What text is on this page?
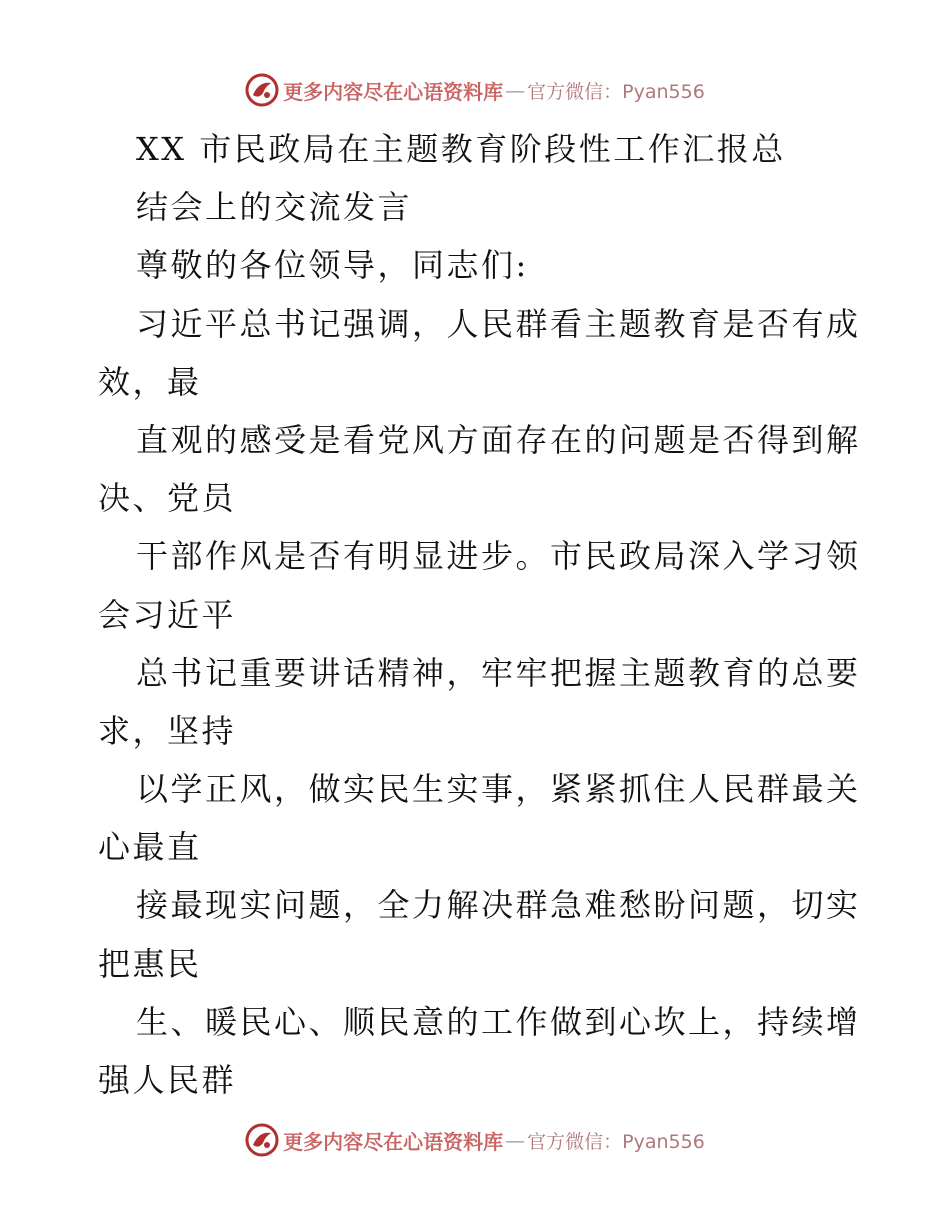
更多内容尽在心语资料库 — 官方微信：Pyan556
XX 市民政局在主题教育阶段性工作汇报总
结会上的交流发言
尊敬的各位领导，同志们:
习近平总书记强调，人民群看主题教育是否有成
效，最
直观的感受是看党风方面存在的问题是否得到解
决、党员
干部作风是否有明显进步。市民政局深入学习领
会习近平
总书记重要讲话精神，牢牢把握主题教育的总要
求，坚持
以学正风，做实民生实事，紧紧抓住人民群最关
心最直
接最现实问题，全力解决群急难愁盼问题，切实
把惠民
生、暖民心、顺民意的工作做到心坎上，持续增
强人民群
更多内容尽在心语资料库 — 官方微信：Pyan556
